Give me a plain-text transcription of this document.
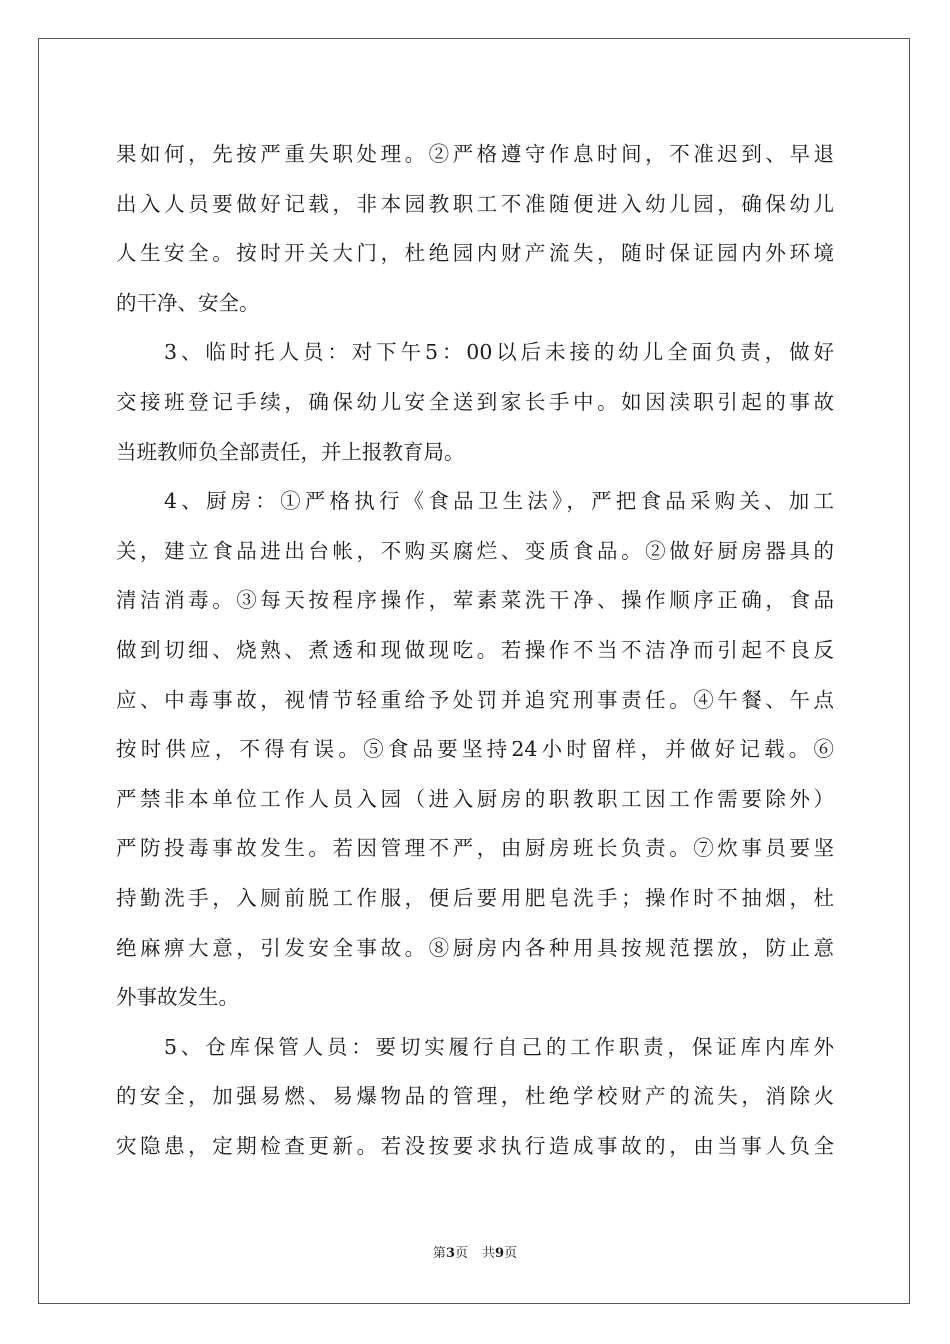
果如何，先按严重失职处理。②严格遵守作息时间，不准迟到、早退
出入人员要做好记载，非本园教职工不准随便进入幼儿园，确保幼儿
人生安全。按时开关大门，杜绝园内财产流失，随时保证园内外环境
的干净、安全。
3、临时托人员：对下午5：00以后未接的幼儿全面负责，做好
交接班登记手续，确保幼儿安全送到家长手中。如因渎职引起的事故
当班教师负全部责任，并上报教育局。
4、厨房：①严格执行《食品卫生法》，严把食品采购关、加工
关，建立食品进出台帐，不购买腐烂、变质食品。②做好厨房器具的
清洁消毒。③每天按程序操作，荤素菜洗干净、操作顺序正确，食品
做到切细、烧熟、煮透和现做现吃。若操作不当不洁净而引起不良反
应、中毒事故，视情节轻重给予处罚并追究刑事责任。④午餐、午点
按时供应，不得有误。⑤食品要坚持24小时留样，并做好记载。⑥
严禁非本单位工作人员入园（进入厨房的职教职工因工作需要除外）
严防投毒事故发生。若因管理不严，由厨房班长负责。⑦炊事员要坚
持勤洗手，入厕前脱工作服，便后要用肥皂洗手；操作时不抽烟，杜
绝麻痹大意，引发安全事故。⑧厨房内各种用具按规范摆放，防止意
外事故发生。
5、仓库保管人员：要切实履行自己的工作职责，保证库内库外
的安全，加强易燃、易爆物品的管理，杜绝学校财产的流失，消除火
灾隐患，定期检查更新。若没按要求执行造成事故的，由当事人负全
第3页 共9页
